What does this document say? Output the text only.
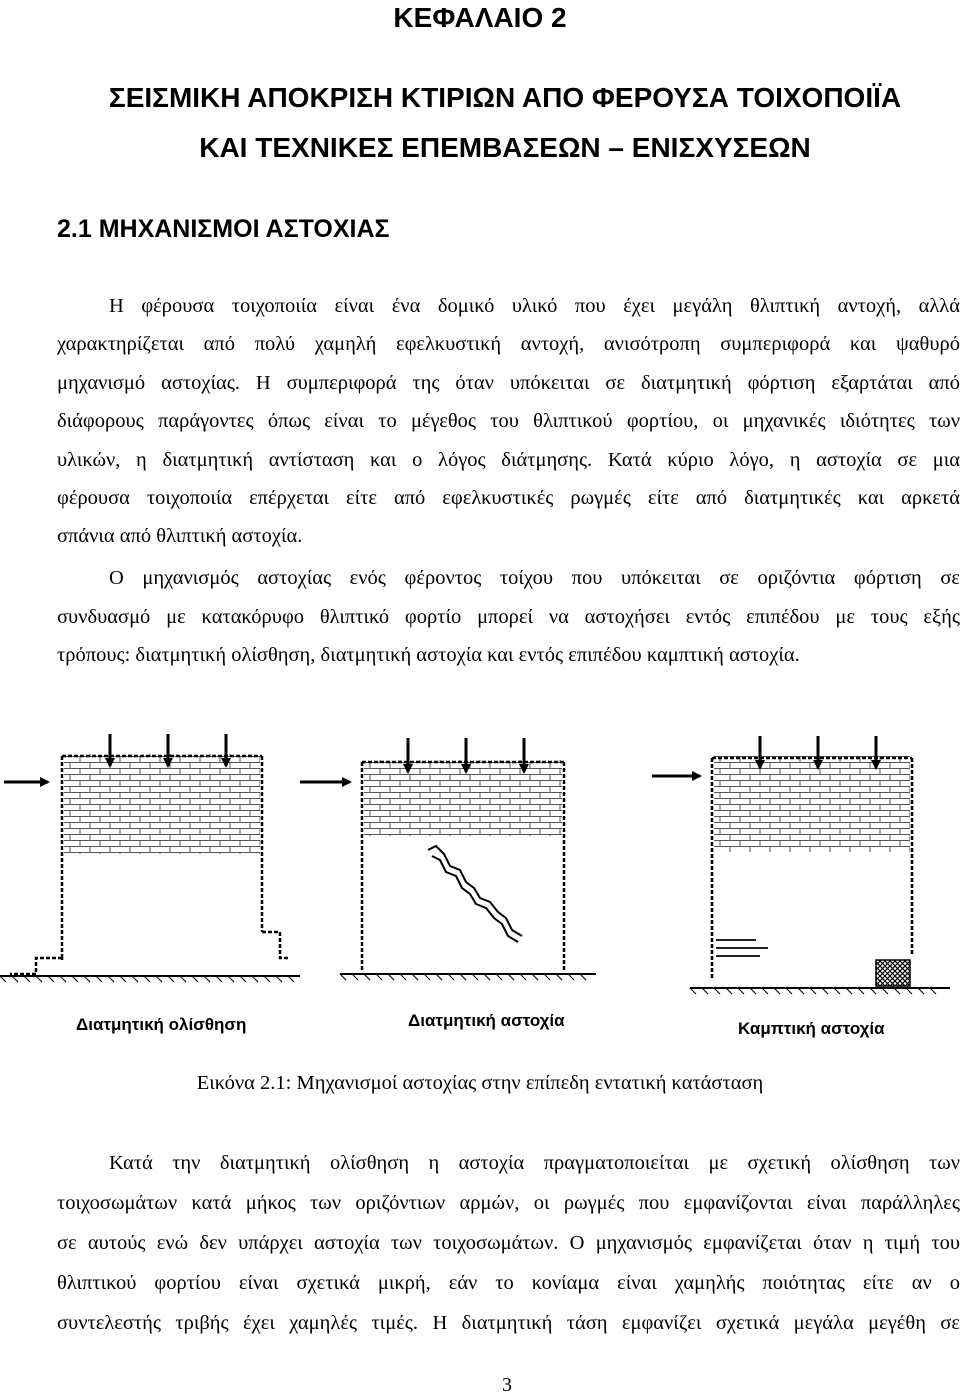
ΚΕΦΑΛΑΙΟ 2
ΣΕΙΣΜΙΚΗ ΑΠΟΚΡΙΣΗ ΚΤΙΡΙΩΝ ΑΠΟ ΦΕΡΟΥΣΑ ΤΟΙΧΟΠΟΙΪΑ
ΚΑΙ ΤΕΧΝΙΚΕΣ ΕΠΕΜΒΑΣΕΩΝ – ΕΝΙΣΧΥΣΕΩΝ
2.1 ΜΗΧΑΝΙΣΜΟΙ ΑΣΤΟΧΙΑΣ
Η φέρουσα τοιχοποιία είναι ένα δομικό υλικό που έχει μεγάλη θλιπτική αντοχή, αλλά
χαρακτηρίζεται από πολύ χαμηλή εφελκυστική αντοχή, ανισότροπη συμπεριφορά και ψαθυρό
μηχανισμό αστοχίας. Η συμπεριφορά της όταν υπόκειται σε διατμητική φόρτιση εξαρτάται από
διάφορους παράγοντες όπως είναι το μέγεθος του θλιπτικού φορτίου, οι μηχανικές ιδιότητες των
υλικών, η διατμητική αντίσταση και ο λόγος διάτμησης. Κατά κύριο λόγο, η αστοχία σε μια
φέρουσα τοιχοποιία επέρχεται είτε από εφελκυστικές ρωγμές είτε από διατμητικές και αρκετά
σπάνια από θλιπτική αστοχία.
Ο μηχανισμός αστοχίας ενός φέροντος τοίχου που υπόκειται σε οριζόντια φόρτιση σε
συνδυασμό με κατακόρυφο θλιπτικό φορτίο μπορεί να αστοχήσει εντός επιπέδου με τους εξής
τρόπους: διατμητική ολίσθηση, διατμητική αστοχία και εντός επιπέδου καμπτική αστοχία.
Διατμητική ολίσθηση	Διατμητική αστοχία	Καμπτική αστοχία
Εικόνα 2.1: Μηχανισμοί αστοχίας στην επίπεδη εντατική κατάσταση
Κατά την διατμητική ολίσθηση η αστοχία πραγματοποιείται με σχετική ολίσθηση των
τοιχοσωμάτων κατά μήκος των οριζόντιων αρμών, οι ρωγμές που εμφανίζονται είναι παράλληλες
σε αυτούς ενώ δεν υπάρχει αστοχία των τοιχοσωμάτων. Ο μηχανισμός εμφανίζεται όταν η τιμή του
θλιπτικού φορτίου είναι σχετικά μικρή, εάν το κονίαμα είναι χαμηλής ποιότητας είτε αν ο
συντελεστής τριβής έχει χαμηλές τιμές. Η διατμητική τάση εμφανίζει σχετικά μεγάλα μεγέθη σε
3
